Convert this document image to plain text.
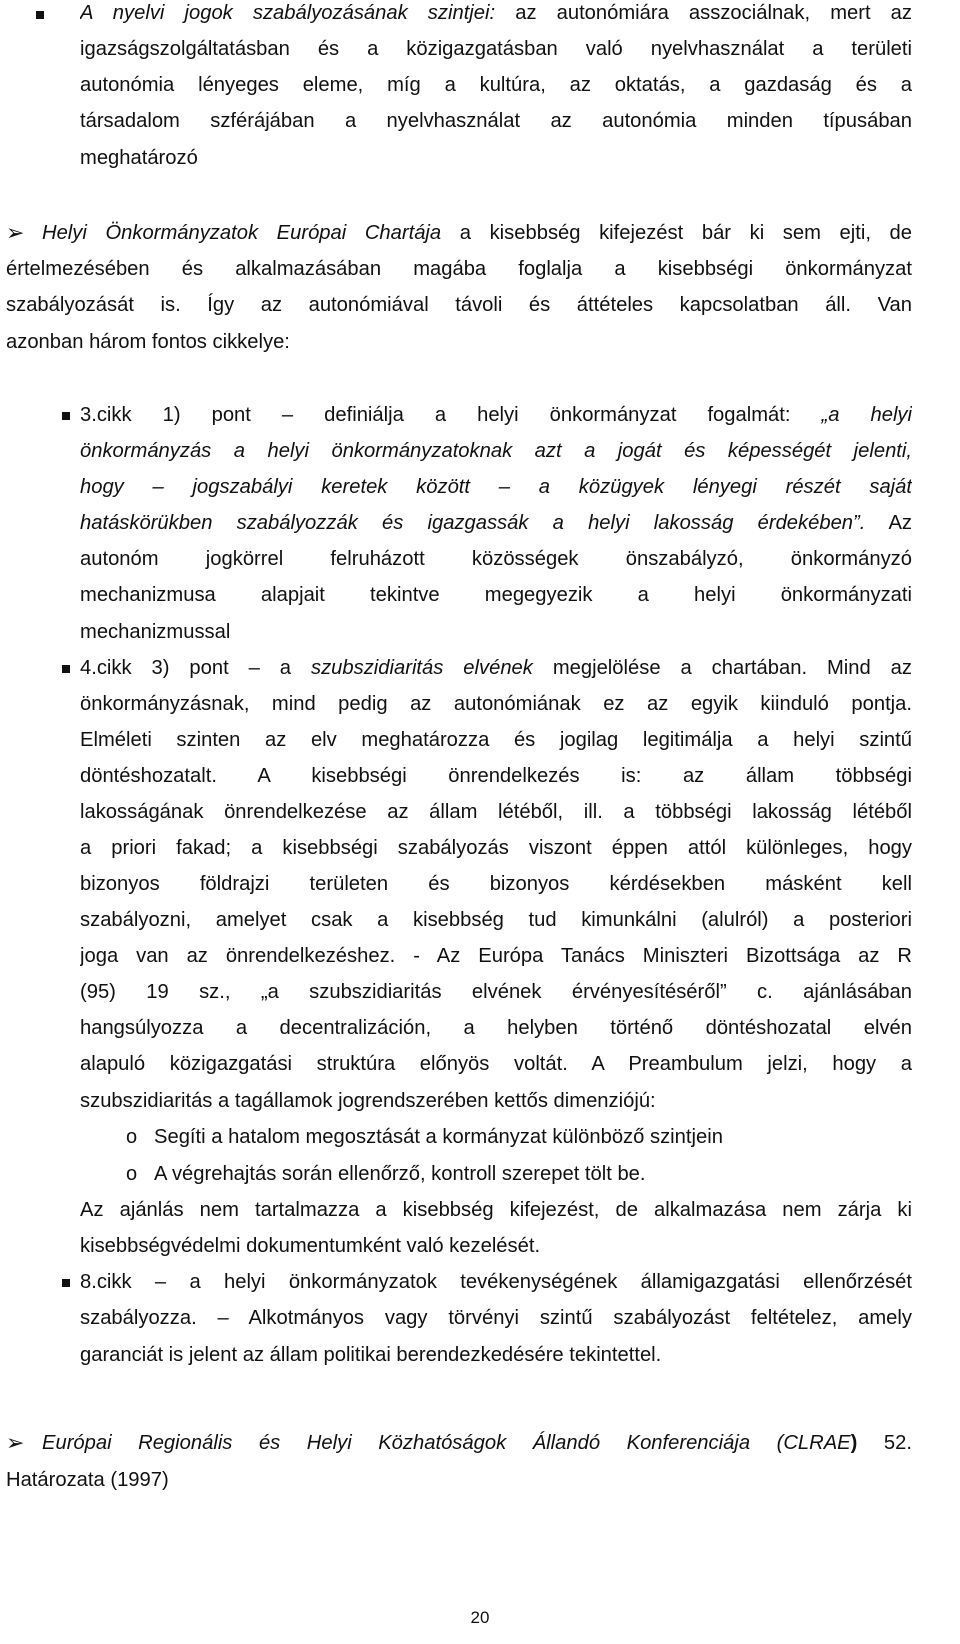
A nyelvi jogok szabályozásának szintjei: az autonómiára asszociálnak, mert az
igazságszolgáltatásban és a közigazgatásban való nyelvhasználat a területi
autonómia lényeges eleme, míg a kultúra, az oktatás, a gazdaság és a
társadalom szférájában a nyelvhasználat az autonómia minden típusában
meghatározó
➢ Helyi Önkormányzatok Európai Chartája a kisebbség kifejezést bár ki sem ejti, de
értelmezésében és alkalmazásában magába foglalja a kisebbségi önkormányzat
szabályozását is. Így az autonómiával távoli és áttételes kapcsolatban áll. Van
azonban három fontos cikkelye:
3.cikk 1) pont – definiálja a helyi önkormányzat fogalmát: „a helyi
önkormányzás a helyi önkormányzatoknak azt a jogát és képességét jelenti,
hogy – jogszabályi keretek között – a közügyek lényegi részét saját
hatáskörükben szabályozzák és igazgassák a helyi lakosság érdekében”. Az
autonóm jogkörrel felruházott közösségek önszabályzó, önkormányzó
mechanizmusa alapjait tekintve megegyezik a helyi önkormányzati
mechanizmussal
4.cikk 3) pont – a szubszidiaritás elvének megjelölése a chartában. Mind az
önkormányzásnak, mind pedig az autonómiának ez az egyik kiinduló pontja.
Elméleti szinten az elv meghatározza és jogilag legitimálja a helyi szintű
döntéshozatalt. A kisebbségi önrendelkezés is: az állam többségi
lakosságának önrendelkezése az állam létéből, ill. a többségi lakosság létéből
a priori fakad; a kisebbségi szabályozás viszont éppen attól különleges, hogy
bizonyos földrajzi területen és bizonyos kérdésekben másként kell
szabályozni, amelyet csak a kisebbség tud kimunkálni (alulról) a posteriori
joga van az önrendelkezéshez. - Az Európa Tanács Miniszteri Bizottsága az R
(95) 19 sz., „a szubszidiaritás elvének érvényesítéséről” c. ajánlásában
hangsúlyozza a decentralizáción, a helyben történő döntéshozatal elvén
alapuló közigazgatási struktúra előnyös voltát. A Preambulum jelzi, hogy a
szubszidiaritás a tagállamok jogrendszerében kettős dimenziójú:
o Segíti a hatalom megosztását a kormányzat különböző szintjein
o A végrehajtás során ellenőrző, kontroll szerepet tölt be.
Az ajánlás nem tartalmazza a kisebbség kifejezést, de alkalmazása nem zárja ki
kisebbségvédelmi dokumentumként való kezelését.
8.cikk – a helyi önkormányzatok tevékenységének államigazgatási ellenőrzését
szabályozza. – Alkotmányos vagy törvényi szintű szabályozást feltételez, amely
garanciát is jelent az állam politikai berendezkedésére tekintettel.
➢ Európai Regionális és Helyi Közhatóságok Állandó Konferenciája (CLRAE) 52.
Határozata (1997)
20
